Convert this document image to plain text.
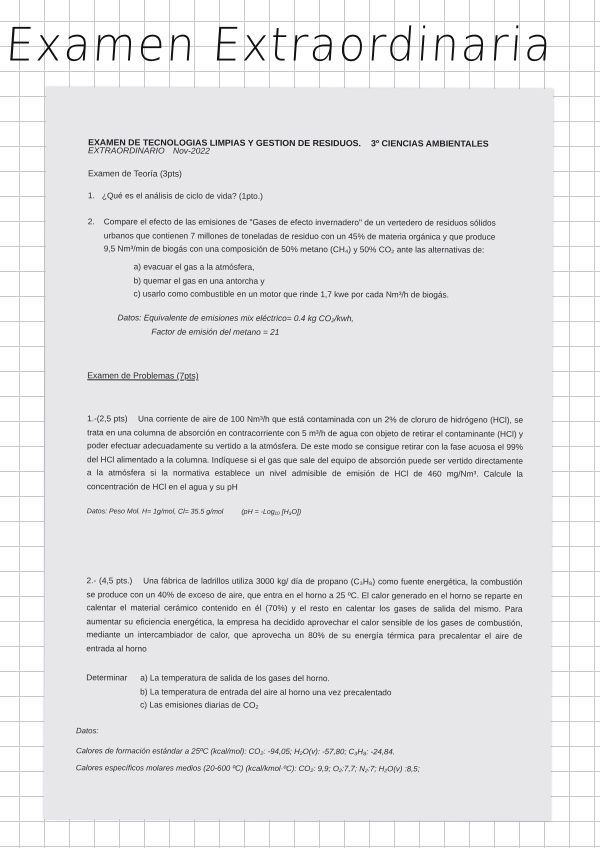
Examen Extraordinaria
EXAMEN DE TECNOLOGIAS LIMPIAS Y GESTION DE RESIDUOS. 3º CIENCIAS AMBIENTALES
EXTRAORDINARIO Nov-2022
Examen de Teoría (3pts)
1. ¿Qué es el análisis de ciclo de vida? (1pto.)
2.	Compare el efecto de las emisiones de "Gases de efecto invernadero" de un vertedero de residuos sólidos urbanos que contienen 7 millones de toneladas de residuo con un 45% de materia orgánica y que produce 9,5 Nm³/min de biogás con una composición de 50% metano (CH₄) y 50% CO₂ ante las alternativas de:
a) evacuar el gas a la atmósfera,
b) quemar el gas en una antorcha y
c) usarlo como combustible en un motor que rinde 1,7 kwe por cada Nm³/h de biogás.
Datos: Equivalente de emisiones mix eléctrico= 0.4 kg CO₂/kwh,
Factor de emisión del metano = 21
Examen de Problemas (7pts)
1.-(2,5 pts) Una corriente de aire de 100 Nm³/h que está contaminada con un 2% de cloruro de hidrógeno (HCl), se trata en una columna de absorción en contracorriente con 5 m³/h de agua con objeto de retirar el contaminante (HCl) y poder efectuar adecuadamente su vertido a la atmósfera. De este modo se consigue retirar con la fase acuosa el 99% del HCl alimentado a la columna. Indíquese si el gas que sale del equipo de absorción puede ser vertido directamente a la atmósfera si la normativa establece un nivel admisible de emisión de HCl de 460 mg/Nm³. Calcule la concentración de HCl en el agua y su pH
Datos: Peso Mol. H= 1g/mol, Cl= 35.5 g/mol	(pH = -Log₁₀ [H₃O])
2.- (4,5 pts.) Una fábrica de ladrillos utiliza 3000 kg/ día de propano (C₃H₈) como fuente energética, la combustión se produce con un 40% de exceso de aire, que entra en el horno a 25 ºC. El calor generado en el horno se reparte en calentar el material cerámico contenido en él (70%) y el resto en calentar los gases de salida del mismo. Para aumentar su eficiencia energética, la empresa ha decidido aprovechar el calor sensible de los gases de combustión, mediante un intercambiador de calor, que aprovecha un 80% de su energía térmica para precalentar el aire de entrada al horno
Determinar a) La temperatura de salida de los gases del horno.
b) La temperatura de entrada del aire al horno una vez precalentado
c) Las emisiones diarias de CO₂
Datos:
Calores de formación estándar a 25ºC (kcal/mol): CO₂: -94,05; H₂O(v): -57,80; C₃H₈: -24,84.
Calores específicos molares medios (20-600 ºC) (kcal/kmol·ºC): CO₂: 9,9; O₂:7,7; N₂:7; H₂O(v) :8,5;
